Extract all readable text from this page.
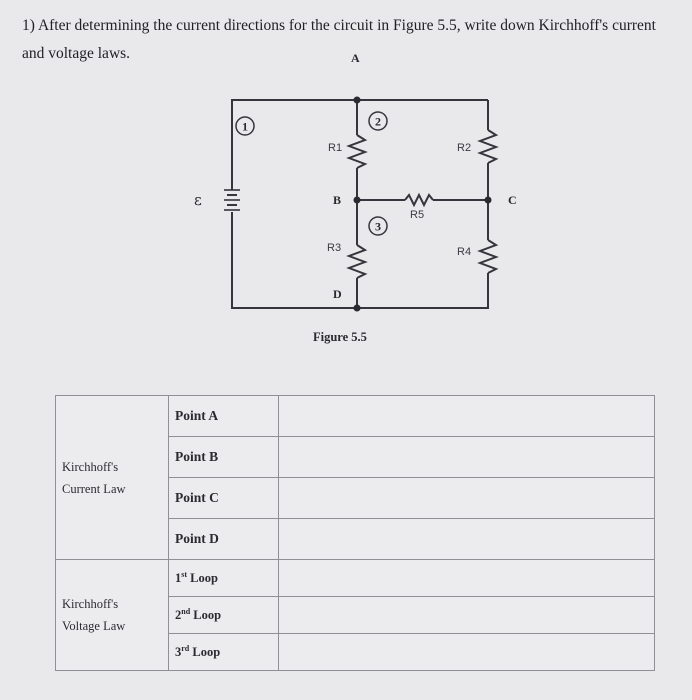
1) After determining the current directions for the circuit in Figure 5.5, write down Kirchhoff's current and voltage laws.
1	2
3
A
B	C
D
R1	R2
R3	R4
R5
ε
Figure 5.5
Kirchhoff's
Current Law	Point A	
	Point B	
	Point C	
	Point D	
Kirchhoff's
Voltage Law	1st Loop	
	2nd Loop	
	3rd Loop	
